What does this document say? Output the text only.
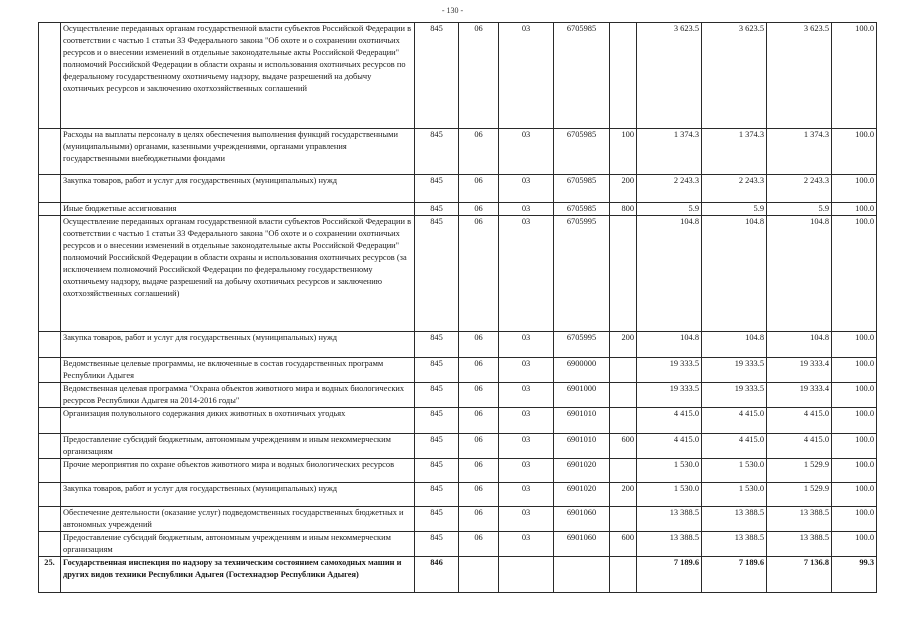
- 130 -
	Осуществление переданных органам государственной власти субъектов Российской Федерации в соответствии с частью 1 статьи 33 Федерального закона "Об охоте и о сохранении охотничьих ресурсов и о внесении изменений в отдельные законодательные акты Российской Федерации" полномочий Российской Федерации в области охраны и использования охотничьих ресурсов по федеральному государственному охотничьему надзору, выдаче разрешений на добычу охотничьих ресурсов и заключению охотхозяйственных соглашений	845	06	03	6705985		3 623.5	3 623.5	3 623.5	100.0
	Расходы на выплаты персоналу в целях обеспечения выполнения функций государственными (муниципальными) органами, казенными учреждениями, органами управления государственными внебюджетными фондами	845	06	03	6705985	100	1 374.3	1 374.3	1 374.3	100.0
	Закупка товаров, работ и услуг для государственных (муниципальных) нужд	845	06	03	6705985	200	2 243.3	2 243.3	2 243.3	100.0
	Иные бюджетные ассигнования	845	06	03	6705985	800	5.9	5.9	5.9	100.0
	Осуществление переданных органам государственной власти субъектов Российской Федерации в соответствии с частью 1 статьи 33 Федерального закона "Об охоте и о сохранении охотничьих ресурсов и о внесении изменений в отдельные законодательные акты Российской Федерации" полномочий Российской Федерации в области охраны и использования охотничьих ресурсов (за исключением полномочий Российской Федерации по федеральному государственному охотничьему надзору, выдаче разрешений на добычу охотничьих ресурсов и заключению охотхозяйственных соглашений)	845	06	03	6705995		104.8	104.8	104.8	100.0
	Закупка товаров, работ и услуг для государственных (муниципальных) нужд	845	06	03	6705995	200	104.8	104.8	104.8	100.0
	Ведомственные целевые программы, не включенные в состав государственных программ Республики Адыгея	845	06	03	6900000		19 333.5	19 333.5	19 333.4	100.0
	Ведомственная целевая программа "Охрана объектов животного мира и водных биологических ресурсов Республики Адыгея на 2014-2016 годы"	845	06	03	6901000		19 333.5	19 333.5	19 333.4	100.0
	Организация полувольного содержания диких животных в охотничьих угодьях	845	06	03	6901010		4 415.0	4 415.0	4 415.0	100.0
	Предоставление субсидий бюджетным, автономным учреждениям и иным некоммерческим организациям	845	06	03	6901010	600	4 415.0	4 415.0	4 415.0	100.0
	Прочие мероприятия по охране объектов животного мира и водных биологических ресурсов	845	06	03	6901020		1 530.0	1 530.0	1 529.9	100.0
	Закупка товаров, работ и услуг для государственных (муниципальных) нужд	845	06	03	6901020	200	1 530.0	1 530.0	1 529.9	100.0
	Обеспечение деятельности (оказание услуг) подведомственных государственных бюджетных и автономных учреждений	845	06	03	6901060		13 388.5	13 388.5	13 388.5	100.0
	Предоставление субсидий бюджетным, автономным учреждениям и иным некоммерческим организациям	845	06	03	6901060	600	13 388.5	13 388.5	13 388.5	100.0
25.	Государственная инспекция по надзору за техническим состоянием самоходных машин и других видов техники Республики Адыгея (Гостехнадзор Республики Адыгея)	846					7 189.6	7 189.6	7 136.8	99.3
